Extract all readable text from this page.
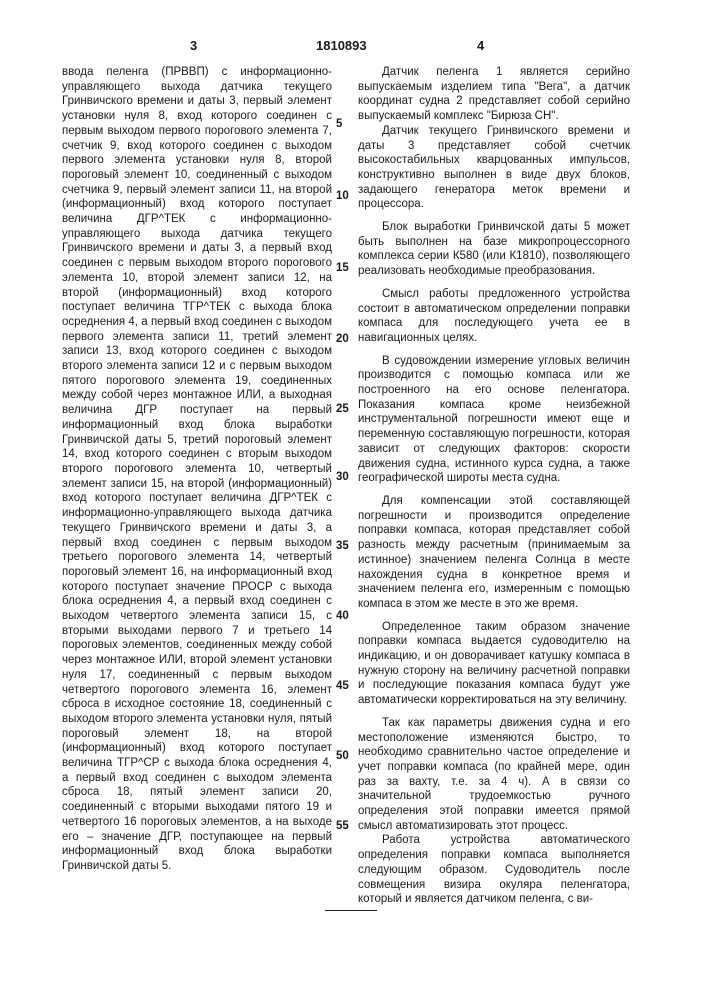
3	1810893	4

ввода пеленга (ПРВВП) с информационно-управляющего выхода датчика текущего Гринвичского времени и даты 3, первый элемент установки нуля 8, вход которого соединен с первым выходом первого порогового элемента 7, счетчик 9, вход которого соединен с выходом первого элемента установки нуля 8, второй пороговый элемент 10, соединенный с выходом счетчика 9, первый элемент записи 11, на второй (информационный) вход которого поступает величина ДГР^ТЕК с информационно-управляющего выхода датчика текущего Гринвичского времени и даты 3, а первый вход соединен с первым выходом второго порогового элемента 10, второй элемент записи 12, на второй (информационный) вход которого поступает величина ТГР^ТЕК с выхода блока осреднения 4, а первый вход соединен с выходом первого элемента записи 11, третий элемент записи 13, вход которого соединен с выходом второго элемента записи 12 и с первым выходом пятого порогового элемента 19, соединенных между собой через монтажное ИЛИ, а выходная величина ДГР поступает на первый информационный вход блока выработки Гринвичской даты 5, третий пороговый элемент 14, вход которого соединен с вторым выходом второго порогового элемента 10, четвертый элемент записи 15, на второй (информационный) вход которого поступает величина ДГР^ТЕК с информационно-управляющего выхода датчика текущего Гринвичского времени и даты 3, а первый вход соединен с первым выходом третьего порогового элемента 14, четвертый пороговый элемент 16, на информационный вход которого поступает значение ПРОСР с выхода блока осреднения 4, а первый вход соединен с выходом четвертого элемента записи 15, с вторыми выходами первого 7 и третьего 14 пороговых элементов, соединенных между собой через монтажное ИЛИ, второй элемент установки нуля 17, соединенный с первым выходом четвертого порогового элемента 16, элемент сброса в исходное состояние 18, соединенный с выходом второго элемента установки нуля, пятый пороговый элемент 18, на второй (информационный) вход которого поступает величина ТГР^СР с выхода блока осреднения 4, а первый вход соединен с выходом элемента сброса 18, пятый элемент записи 20, соединенный с вторыми выходами пятого 19 и четвертого 16 пороговых элементов, а на выходе его – значение ДГР, поступающее на первый информационный вход блока выработки Гринвичской даты 5.

Датчик пеленга 1 является серийно выпускаемым изделием типа "Вега", а датчик координат судна 2 представляет собой серийно выпускаемый комплекс "Бирюза СН".

Датчик текущего Гринвичского времени и даты 3 представляет собой счетчик высокостабильных кварцованных импульсов, конструктивно выполнен в виде двух блоков, задающего генератора меток времени и процессора.

Блок выработки Гринвичской даты 5 может быть выполнен на базе микропроцессорного комплекса серии К580 (или К1810), позволяющего реализовать необходимые преобразования.

Смысл работы предложенного устройства состоит в автоматическом определении поправки компаса для последующего учета ее в навигационных целях.

В судовождении измерение угловых величин производится с помощью компаса или же построенного на его основе пеленгатора. Показания компаса кроме неизбежной инструментальной погрешности имеют еще и переменную составляющую погрешности, которая зависит от следующих факторов: скорости движения судна, истинного курса судна, а также географической широты места судна.

Для компенсации этой составляющей погрешности и производится определение поправки компаса, которая представляет собой разность между расчетным (принимаемым за истинное) значением пеленга Солнца в месте нахождения судна в конкретное время и значением пеленга его, измеренным с помощью компаса в этом же месте в это же время.

Определенное таким образом значение поправки компаса выдается судоводителю на индикацию, и он доворачивает катушку компаса в нужную сторону на величину расчетной поправки и последующие показания компаса будут уже автоматически корректироваться на эту величину.

Так как параметры движения судна и его местоположение изменяются быстро, то необходимо сравнительно частое определение и учет поправки компаса (по крайней мере, один раз за вахту, т.е. за 4 ч). А в связи со значительной трудоемкостью ручного определения этой поправки имеется прямой смысл автоматизировать этот процесс.

Работа устройства автоматического определения поправки компаса выполняется следующим образом. Судоводитель после совмещения визира окуляра пеленгатора, который и является датчиком пеленга, с ви-

5
10
15
20
25
30
35
40
45
50
55
